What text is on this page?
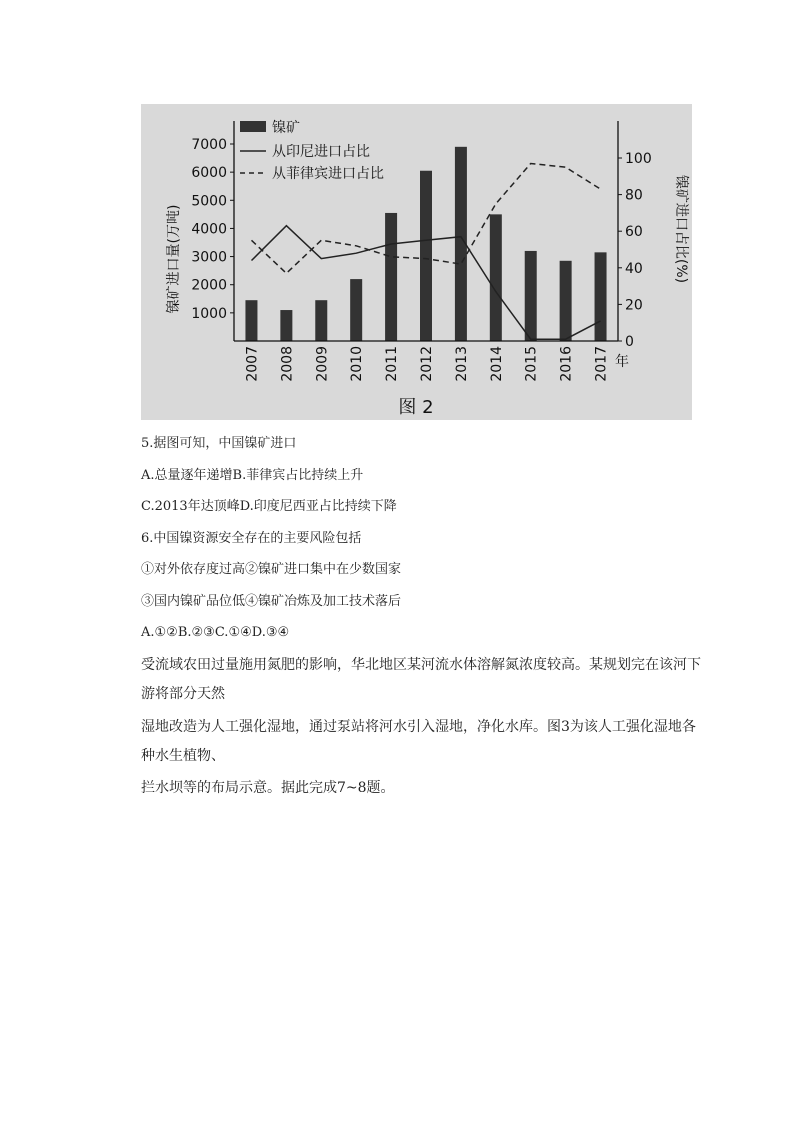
1000
2000
3000
4000
5000
6000
7000
0
20
40
60
80
100
2007 2008 2009 2010 2011 2012 2013 2014 2015 2016 2017
镍矿进口量(万吨)	镍矿进口占比(%)
年
镍矿
从印尼进口占比
从菲律宾进口占比
图 2
5.据图可知，中国镍矿进口
A.总量逐年递增B.菲律宾占比持续上升
C.2013年达顶峰D.印度尼西亚占比持续下降
6.中国镍资源安全存在的主要风险包括
①对外依存度过高②镍矿进口集中在少数国家
③国内镍矿品位低④镍矿冶炼及加工技术落后
A.①②B.②③C.①④D.③④
受流域农田过量施用氮肥的影响，华北地区某河流水体溶解氮浓度较高。某规划完在该河下
游将部分天然
湿地改造为人工强化湿地，通过泵站将河水引入湿地，净化水库。图3为该人工强化湿地各
种水生植物、
拦水坝等的布局示意。据此完成7~8题。
